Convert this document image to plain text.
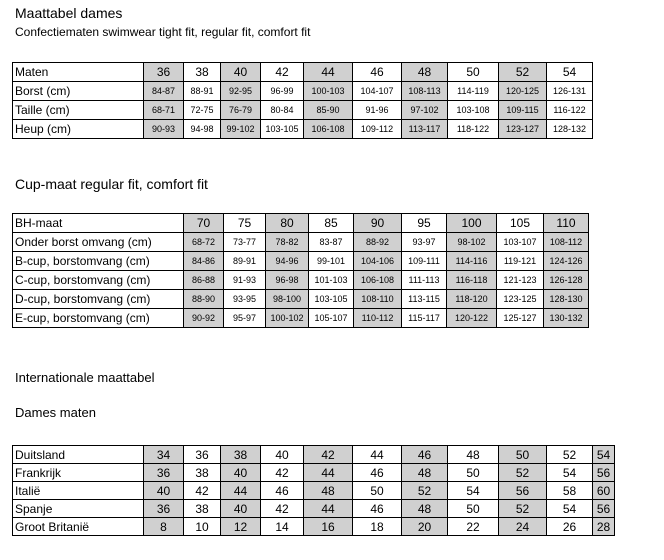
Maattabel dames
Confectiematen swimwear tight fit, regular fit, comfort fit
Maten	36	38	40	42	44	46	48	50	52	54
Borst (cm)	84-87	88-91	92-95	96-99	100-103	104-107	108-113	114-119	120-125	126-131
Taille (cm)	68-71	72-75	76-79	80-84	85-90	91-96	97-102	103-108	109-115	116-122
Heup (cm)	90-93	94-98	99-102	103-105	106-108	109-112	113-117	118-122	123-127	128-132
Cup-maat regular fit, comfort fit
BH-maat	70	75	80	85	90	95	100	105	110
Onder borst omvang (cm)	68-72	73-77	78-82	83-87	88-92	93-97	98-102	103-107	108-112
B-cup, borstomvang (cm)	84-86	89-91	94-96	99-101	104-106	109-111	114-116	119-121	124-126
C-cup, borstomvang (cm)	86-88	91-93	96-98	101-103	106-108	111-113	116-118	121-123	126-128
D-cup, borstomvang (cm)	88-90	93-95	98-100	103-105	108-110	113-115	118-120	123-125	128-130
E-cup, borstomvang (cm)	90-92	95-97	100-102	105-107	110-112	115-117	120-122	125-127	130-132
Internationale maattabel
Dames maten
Duitsland	34	36	38	40	42	44	46	48	50	52	54
Frankrijk	36	38	40	42	44	46	48	50	52	54	56
Italië	40	42	44	46	48	50	52	54	56	58	60
Spanje	36	38	40	42	44	46	48	50	52	54	56
Groot Britanië	8	10	12	14	16	18	20	22	24	26	28
